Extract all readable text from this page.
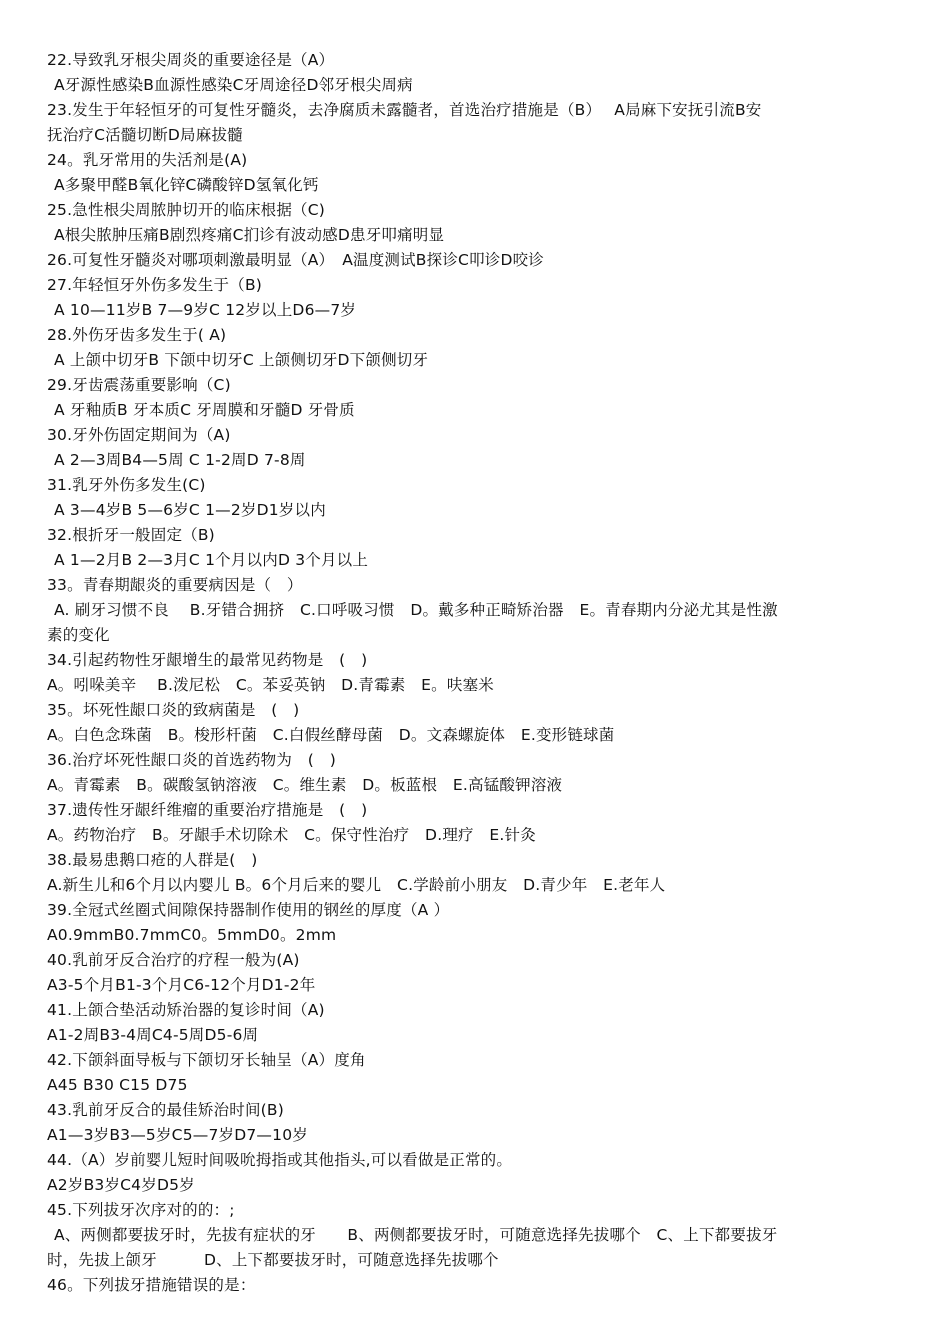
22.导致乳牙根尖周炎的重要途径是（A）
A牙源性感染B血源性感染C牙周途径D邻牙根尖周病
23.发生于年轻恒牙的可复性牙髓炎，去净腐质未露髓者，首选治疗措施是（B）　 A局麻下安抚引流B安
抚治疗C活髓切断D局麻拔髓
24。乳牙常用的失活剂是(A)
A多聚甲醛B氧化锌C磷酸锌D氢氧化钙
25.急性根尖周脓肿切开的临床根据（C)
A根尖脓肿压痛B剧烈疼痛C扪诊有波动感D患牙叩痛明显
26.可复性牙髓炎对哪项刺激最明显（A）　A温度测试B探诊C叩诊D咬诊
27.年轻恒牙外伤多发生于（B)
A 10—11岁B 7—9岁C 12岁以上D6—7岁
28.外伤牙齿多发生于( A)
A 上颌中切牙B 下颌中切牙C 上颌侧切牙D下颌侧切牙
29.牙齿震荡重要影响（C)
A 牙釉质B 牙本质C 牙周膜和牙髓D 牙骨质
30.牙外伤固定期间为（A)
A 2—3周B4—5周 C 1-2周D 7-8周
31.乳牙外伤多发生(C)
A 3—4岁B 5—6岁C 1—2岁D1岁以内
32.根折牙一般固定（B)
A 1—2月B 2—3月C 1个月以内D 3个月以上
33。青春期龈炎的重要病因是（　）
A. 刷牙习惯不良　 B.牙错合拥挤　C.口呼吸习惯　D。戴多种正畸矫治器　E。青春期内分泌尤其是性激
素的变化
34.引起药物性牙龈增生的最常见药物是　(　)
A。吲哚美辛　 B.泼尼松　C。苯妥英钠　D.青霉素　E。呋塞米
35。坏死性龈口炎的致病菌是　(　)
A。白色念珠菌　B。梭形杆菌　C.白假丝酵母菌　D。文森螺旋体　E.变形链球菌
36.治疗坏死性龈口炎的首选药物为　(　)
A。青霉素　B。碳酸氢钠溶液　C。维生素　D。板蓝根　E.高锰酸钾溶液
37.遗传性牙龈纤维瘤的重要治疗措施是　(　)
A。药物治疗　B。牙龈手术切除术　C。保守性治疗　D.理疗　E.针灸
38.最易患鹅口疮的人群是(　)
A.新生儿和6个月以内婴儿 B。6个月后来的婴儿　C.学龄前小朋友　D.青少年　E.老年人
39.全冠式丝圈式间隙保持器制作使用的钢丝的厚度（A ）
A0.9mmB0.7mmC0。5mmD0。2mm
40.乳前牙反合治疗的疗程一般为(A)
A3-5个月B1-3个月C6-12个月D1-2年
41.上颌合垫活动矫治器的复诊时间（A)
A1-2周B3-4周C4-5周D5-6周
42.下颌斜面导板与下颌切牙长轴呈（A）度角
A45 B30 C15 D75
43.乳前牙反合的最佳矫治时间(B)
A1—3岁B3—5岁C5—7岁D7—10岁
44.（A）岁前婴儿短时间吸吮拇指或其他指头,可以看做是正常的。
A2岁B3岁C4岁D5岁
45.下列拔牙次序对的的：;
A、两侧都要拔牙时，先拔有症状的牙　　B、两侧都要拔牙时，可随意选择先拔哪个　C、上下都要拔牙
时，先拔上颌牙　　　D、上下都要拔牙时，可随意选择先拔哪个
46。下列拔牙措施错误的是：
